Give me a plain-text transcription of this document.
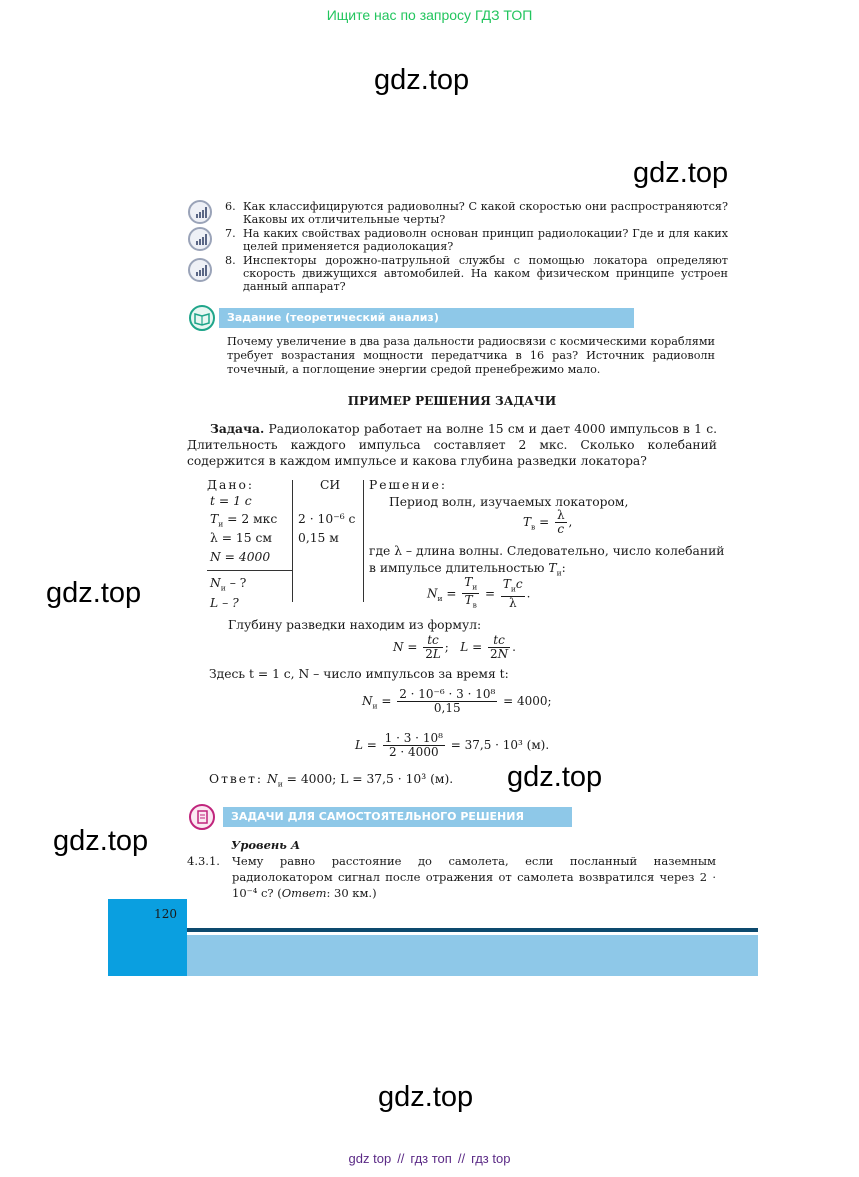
Ищите нас по запросу ГДЗ ТОП
gdz.top
gdz.top
gdz.top
gdz.top
gdz.top
gdz.top
6. Как классифицируются радиоволны? С какой скоростью они распространяются? Каковы их отличительные черты?
7. На каких свойствах радиоволн основан принцип радиолокации? Где и для каких целей применяется радиолокация?
8. Инспекторы дорожно-патрульной службы с помощью локатора определяют скорость движущихся автомобилей. На каком физическом принципе устроен данный аппарат?
Задание (теоретический анализ)
Почему увеличение в два раза дальности радиосвязи с космическими кораблями требует возрастания мощности передатчика в 16 раз? Источник радиоволн точечный, а поглощение энергии средой пренебрежимо мало.
ПРИМЕР РЕШЕНИЯ ЗАДАЧИ
Задача. Радиолокатор работает на волне 15 см и дает 4000 импульсов в 1 с. Длительность каждого импульса составляет 2 мкс. Сколько колебаний содержится в каждом импульсе и какова глубина разведки локатора?
Дано:	СИ Решение:
t = 1 с
$T_и = 2$ мкс
λ = 15 см
N = 4000
2 · 10⁻⁶ с
0,15 м
$N_и$ – ?
L – ?
Период волн, изучаемых локатором,
$T_в = \frac{\lambda}{c}$ ,
где λ – длина волны. Следовательно, число колебаний
в импульсе длительностью $T_и$:
$N_и = \frac{T_и}{T_в} = \frac{T_иc}{\lambda}$ .
Глубину разведки находим из формул:
$N = \frac{tc}{2L}$ ;   $L = \frac{tc}{2N}$ .
Здесь t = 1 с, N – число импульсов за время t:
$N_и = \frac{\text{2 · 10⁻⁶ · 3 · 10⁸}}{0,15} = 4000$;
$L = \frac{\text{1 · 3 · 10⁸}}{2 \cdot 4000} = 37,5 \cdot 10^3$ (м).
Ответ: $N_и = 4000$; L = 37,5 · 10³ (м).
ЗАДАЧИ ДЛЯ САМОСТОЯТЕЛЬНОГО РЕШЕНИЯ
Уровень А
4.3.1. Чему равно расстояние до самолета, если посланный наземным радиолокатором сигнал после отражения от самолета возвратился через 2 · 10⁻⁴ с? (Ответ: 30 км.)
120
gdz top // гдз топ // гдз top
